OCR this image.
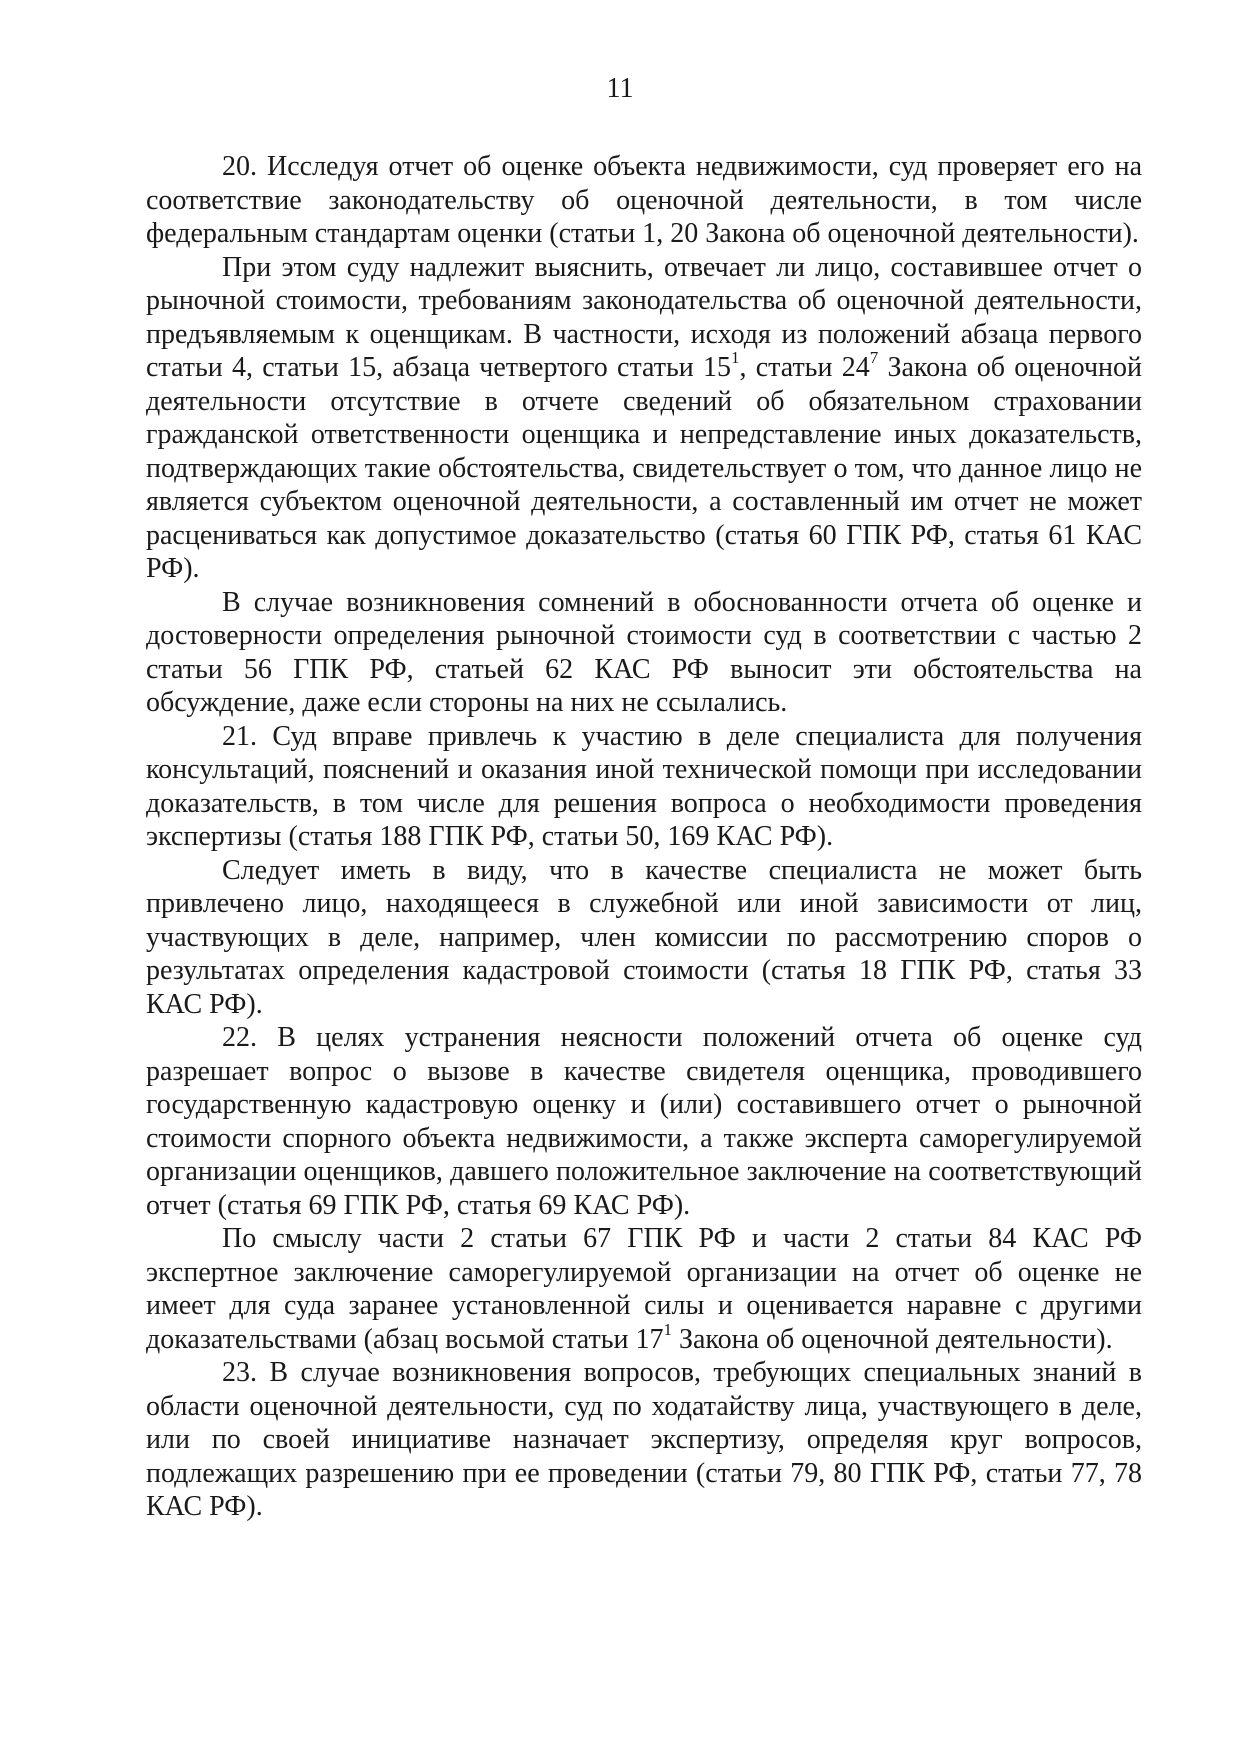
11

20. Исследуя отчет об оценке объекта недвижимости, суд проверяет его на соответствие законодательству об оценочной деятельности, в том числе федеральным стандартам оценки (статьи 1, 20 Закона об оценочной деятельности).

При этом суду надлежит выяснить, отвечает ли лицо, составившее отчет о рыночной стоимости, требованиям законодательства об оценочной деятельности, предъявляемым к оценщикам. В частности, исходя из положений абзаца первого статьи 4, статьи 15, абзаца четвертого статьи $15^1$, статьи $24^7$ Закона об оценочной деятельности отсутствие в отчете сведений об обязательном страховании гражданской ответственности оценщика и непредставление иных доказательств, подтверждающих такие обстоятельства, свидетельствует о том, что данное лицо не является субъектом оценочной деятельности, а составленный им отчет не может расцениваться как допустимое доказательство (статья 60 ГПК РФ, статья 61 КАС РФ).

В случае возникновения сомнений в обоснованности отчета об оценке и достоверности определения рыночной стоимости суд в соответствии с частью 2 статьи 56 ГПК РФ, статьей 62 КАС РФ выносит эти обстоятельства на обсуждение, даже если стороны на них не ссылались.

21. Суд вправе привлечь к участию в деле специалиста для получения консультаций, пояснений и оказания иной технической помощи при исследовании доказательств, в том числе для решения вопроса о необходимости проведения экспертизы (статья 188 ГПК РФ, статьи 50, 169 КАС РФ).

Следует иметь в виду, что в качестве специалиста не может быть привлечено лицо, находящееся в служебной или иной зависимости от лиц, участвующих в деле, например, член комиссии по рассмотрению споров о результатах определения кадастровой стоимости (статья 18 ГПК РФ, статья 33 КАС РФ).

22. В целях устранения неясности положений отчета об оценке суд разрешает вопрос о вызове в качестве свидетеля оценщика, проводившего государственную кадастровую оценку и (или) составившего отчет о рыночной стоимости спорного объекта недвижимости, а также эксперта саморегулируемой организации оценщиков, давшего положительное заключение на соответствующий отчет (статья 69 ГПК РФ, статья 69 КАС РФ).

По смыслу части 2 статьи 67 ГПК РФ и части 2 статьи 84 КАС РФ экспертное заключение саморегулируемой организации на отчет об оценке не имеет для суда заранее установленной силы и оценивается наравне с другими доказательствами (абзац восьмой статьи $17^1$ Закона об оценочной деятельности).

23. В случае возникновения вопросов, требующих специальных знаний в области оценочной деятельности, суд по ходатайству лица, участвующего в деле, или по своей инициативе назначает экспертизу, определяя круг вопросов, подлежащих разрешению при ее проведении (статьи 79, 80 ГПК РФ, статьи 77, 78 КАС РФ).
